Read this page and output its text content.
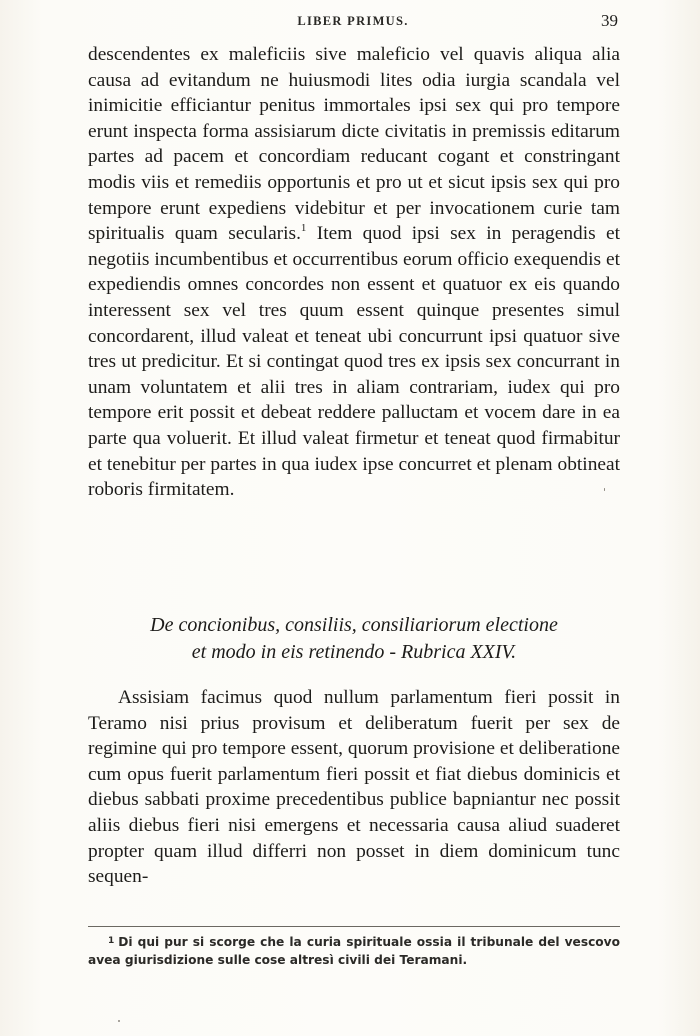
LIBER PRIMUS.	39

descendentes ex maleficiis sive maleficio vel quavis aliqua alia causa ad evitandum ne huiusmodi lites odia iurgia scandala vel inimicitie efficiantur penitus immortales ipsi sex qui pro tempore erunt inspecta forma assisiarum dicte civitatis in premissis editarum partes ad pacem et concordiam reducant cogant et constringant modis viis et remediis opportunis et pro ut et sicut ipsis sex qui pro tempore erunt expediens videbitur et per invocationem curie tam spiritualis quam secularis.$^1$ Item quod ipsi sex in peragendis et negotiis incumbentibus et occurrentibus eorum officio exequendis et expediendis omnes concordes non essent et quatuor ex eis quando interessent sex vel tres quum essent quinque presentes simul concordarent, illud valeat et teneat ubi concurrunt ipsi quatuor sive tres ut predicitur. Et si contingat quod tres ex ipsis sex concurrant in unam voluntatem et alii tres in aliam contrariam, iudex qui pro tempore erit possit et debeat reddere palluctam et vocem dare in ea parte qua voluerit. Et illud valeat firmetur et teneat quod firmabitur et tenebitur per partes in qua iudex ipse concurret et plenam obtineat roboris firmitatem.

De concionibus, consiliis, consiliariorum electione
et modo in eis retinendo - Rubrica XXIV.

Assisiam facimus quod nullum parlamentum fieri possit in Teramo nisi prius provisum et deliberatum fuerit per sex de regimine qui pro tempore essent, quorum provisione et deliberatione cum opus fuerit parlamentum fieri possit et fiat diebus dominicis et diebus sabbati proxime precedentibus publice bapniantur nec possit aliis diebus fieri nisi emergens et necessaria causa aliud suaderet propter quam illud differri non posset in diem dominicum tunc sequen-

$^1$ Di qui pur si scorge che la curia spirituale ossia il tribunale del vescovo avea giurisdizione sulle cose altresì civili dei Teramani.
